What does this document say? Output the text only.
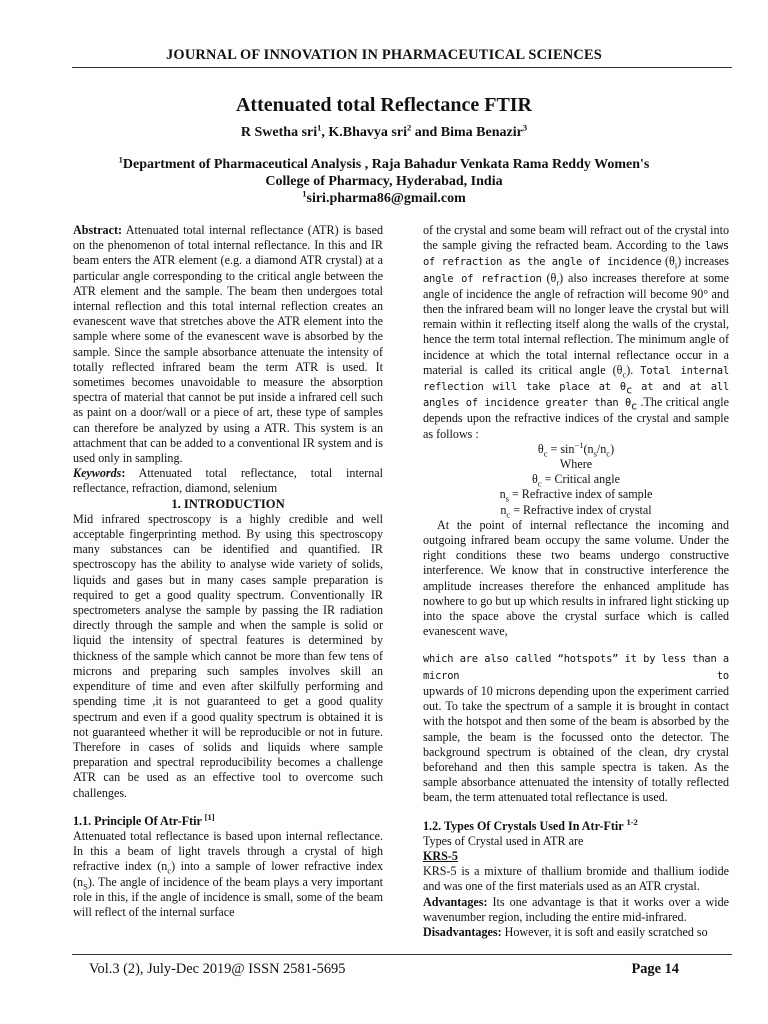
JOURNAL OF INNOVATION IN PHARMACEUTICAL SCIENCES
Attenuated total Reflectance FTIR
R Swetha sri$^1$, K.Bhavya sri$^2$ and Bima Benazir$^3$
$^1$Department of Pharmaceutical Analysis , Raja Bahadur Venkata Rama Reddy Women's
College of Pharmacy, Hyderabad, India
$^1$siri.pharma86@gmail.com

Abstract: Attenuated total internal reflectance (ATR) is based on the phenomenon of total internal reflectance. In this and IR beam enters the ATR element (e.g. a diamond ATR crystal) at a particular angle corresponding to the critical angle between the ATR element and the sample. The beam then undergoes total internal reflection and this total internal reflection creates an evanescent wave that stretches above the ATR element into the sample where some of the evanescent wave is absorbed by the sample. Since the sample absorbance attenuate the intensity of totally reflected infrared beam the term ATR is used. It sometimes becomes unavoidable to measure the absorption spectra of material that cannot be put inside a infrared cell such as paint on a door/wall or a piece of art, these type of samples can therefore be analyzed by using a ATR. This system is an attachment that can be added to a conventional IR system and is used only in sampling.

Keywords: Attenuated total reflectance, total internal reflectance, refraction, diamond, selenium

1. INTRODUCTION

Mid infrared spectroscopy is a highly credible and well acceptable fingerprinting method. By using this spectroscopy many substances can be identified and quantified. IR spectroscopy has the ability to analyse wide variety of solids, liquids and gases but in many cases sample preparation is required to get a good quality spectrum. Conventionally IR spectrometers analyse the sample by passing the IR radiation directly through the sample and when the sample is solid or liquid the intensity of spectral features is determined by thickness of the sample which cannot be more than few tens of microns and preparing such samples involves skill an expenditure of time and even after skilfully performing and spending time ,it is not guaranteed to get a good quality spectrum and even if a good quality spectrum is obtained it is not guaranteed whether it will be reproducible or not in future. Therefore in cases of solids and liquids where sample preparation and spectral reproducibility becomes a challenge ATR can be used as an effective tool to overcome such challenges.

1.1. Principle Of Atr-Ftir [1]

Attenuated total reflectance is based upon internal reflectance. In this a beam of light travels through a crystal of high refractive index $(n_c)$ into a sample of lower refractive index $(n_S)$. The angle of incidence of the beam plays a very important role in this, if the angle of incidence is small, some of the beam will reflect of the internal surface

of the crystal and some beam will refract out of the crystal into the sample giving the refracted beam. According to the laws of refraction as the angle of incidence $(\theta_i)$ increases angle of refraction $(\theta_r)$ also increases therefore at some angle of incidence the angle of refraction will become 90° and then the infrared beam will no longer leave the crystal but will remain within it reflecting itself along the walls of the crystal, hence the term total internal reflection. The minimum angle of incidence at which the total internal reflectance occur in a material is called its critical angle $(\theta_c)$. Total internal reflection will take place at $\theta_c$ at and at all angles of incidence greater than $\theta_c$ .The critical angle depends upon the refractive indices of the crystal and sample as follows :

$\theta_c = \sin^{-1}(n_s/n_c)$

Where

$\theta_c$ = Critical angle

$n_s$ = Refractive index of sample

$n_c$ = Refractive index of crystal

At the point of internal reflectance the incoming and outgoing infrared beam occupy the same volume. Under the right conditions these two beams undergo constructive interference. We know that in constructive interference the amplitude increases therefore the enhanced amplitude has nowhere to go but up which results in infrared light sticking up into the space above the crystal surface which is called evanescent wave,

which are also called “hotspots” it by less than a micron to

upwards of 10 microns depending upon the experiment carried out. To take the spectrum of a sample it is brought in contact with the hotspot and then some of the beam is absorbed by the sample, the beam is the focussed onto the detector. The background spectrum is obtained of the clean, dry crystal beforehand and then this sample spectra is taken. As the sample absorbance attenuated the intensity of totally reflected beam, the term attenuated total reflectance is used.

1.2. Types Of Crystals Used In Atr-Ftir $^{1-2}$

Types of Crystal used in ATR are

KRS-5

KRS-5 is a mixture of thallium bromide and thallium iodide and was one of the first materials used as an ATR crystal.

Advantages: Its one advantage is that it works over a wide wavenumber region, including the entire mid-infrared.

Disadvantages: However, it is soft and easily scratched so

Vol.3 (2), July-Dec 2019@ ISSN 2581-5695	Page 14
